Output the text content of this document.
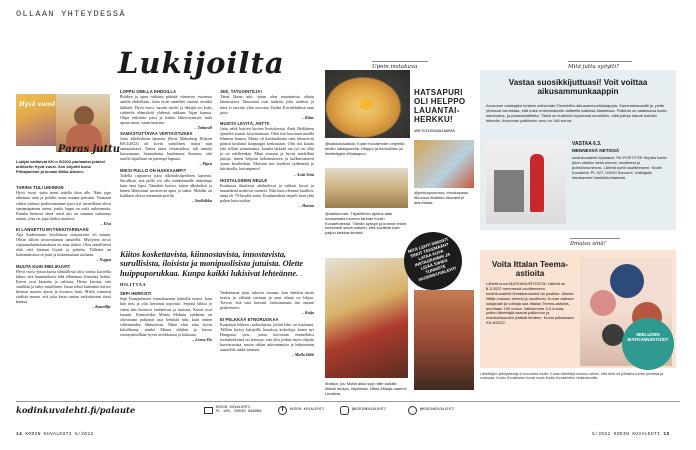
OLLAAN YHTEYDESSÄ
Lukijoilta
Hyvä vuosi
Paras juttu
Lukijat valitsivat KK:n 3/2022 parhaaksi jutuksi artikkelin Hyvä vuosi. Sen kirjoitti Anna Pihlajaniemi ja kuvasi Miika Alanen.
TARINA TULI UNIINKIN

Hyvä vuosi -juttu meni todella ihon alle. Näin jopa aihemua unta ja pohdin asiaa useana päivänä. Varmaan siihen vaikutti perhesosiaanne juuri nyt meneillään oleva samantapainen tarina, jonka loppu on vielä ratkeamatta. Kuinka hienosti tämä nuori äiti on suunnut suhtautua asiaan, joka on jopa lisäksi tuuttava.

– Elsa

EI LANGETTU MYYNKKITARINAAN

Aija Anderssonin levollisuus viaistuvotin oli minun. Olisin silloin nostovutanan tansitellä. Myöyteni nosto cnjuaanulaiskulustuksen on aina tärkeä. Olen onnellisesti elää, että hieman löytää ja puhetta. Tällaista on kokemuksista on juuri ja kokemustaan ruohaan.

– Nuppu

MUUTA KUIN MIELIKUVAT

Hyvä vuosi -jutun kuvia silmäillessä olisi voinut kuvitella lukea, että haastateltava elää ellinemaa ylimeistä hetkiä. Kuvat ovat kauniita ja valoisia. Hieno kuvaus, että sinälloin ja näky onnellinen. Jutun teksti kuitenkin kertoo hieman nuoren ajasta ja koostuu lisää. Mielii varmasti sisältää muuta, että joka kerta tuntuu vaikuttavasti tässä kanssa.

– Kuunlilje

LOPPU OMILLA EHDOILLA

Rohkea ja upea ratkaisu päättää viimeiset vuotensa omilla ehdoillaan. Jutta eivät sanelleet sairaus eivätkä läkkärit. Hyvä vuosi -tarotin täyttö, ja lähtijät voi koko suhteelta elämyksiä yhdessä rakkaan Aijan kanssa. Olipa eriloinen juttu ja kaikin lähteistymistä, mitä upeaa sinne, vaam tuuttien.

– Taitava8

SAMASTUTTAVAA VERTAISTUKEA

Juttu alkoholistin lapsesta (Kirsi Malmberg Nilsson KK3/2022) oli kovin surullinen, mutta niin samastuttava. Tarina antoi vertaistukea, tuli tunteja kuvaamaan. Samanlaisia kuulemma ihmisen, että omilla lapsillaan on parempi lapsuus.

– Pipru

MIKSI PULLO ON HAKKAAMPI?

Todella riipaiseva juttu alkoholistiperheen lapsesta. Surullista, että pullo voi olla vanhemmalle tärkeämpi kuin oma lapsi. Tämäkin kertoo, miten alkoholisti ja hänen läheisensä tarvitsevat apua ja tukea. Meidän on kaikkien oltava enemmän perillä.

– Stoibiikka

JEE, TATUOINTEJA!

Tämä Ikuna arki -jutun olen tatuoinnista oikein kiinnostava. Tatuoinnit ovat taidetta, joka taidetta, ja niitä ei tarvitse yhtä arvostaa. Kodin Kuvalehdessä oma juttu.

– Kiine

MUISTA LEVITÄ, ANTTI!

Juttu näitä koirien kuvien levityksestä, Antti Heikkinen ajattelee kaunis kirjoittamaan. Olen itse kasvanut maalla lehmien kanssa. Mutta oli kouluaikoina vain kilometrin päässä koulusta kaupungin keskustaan. Olin sitä kautta toki silloin ymmärtänyt, kuinka tärkeää tuo työ on ollut ja on edelleenkin. Minä seuraan ja hyvin mielelläni juttuja, miten helpoin kokemukseen ja kulkemukseen ajatus kesähetkiin. Muistan itse täydestä sydämestä ja kiitoksella, koiranpentu!

– Antti Sinä

NOSTALGINEN NEULE

Koukussa tikuilevat ailahtelevat ja valkeat kuvat ja muunlaisia neulovat vaatteet. Niin kuin olemme kuulleet, tämä oli 70-luvulla minä. Kouluneuleni ompeli ihan yhtä paljon kuin nytkin.

– Hanna

Kiitos koskettavista, kiinnostavista, innostavista, surullisista, iloisista ja monipuolisista jutuista. Olette huippuporukkaa. Kunpa kaikki lukisivat lehteänne. – HILITTAA
SEPI HERKISTI

Sepi Kumpulaisen voimalauseen kohtalla tuntui, kuin hän tiesi ja olisi kertonut sopivasti. Sepistä lähtisi ja sitten hän ikuisesti vanhetessa ja muistaa. Kuvat ovat kauniit. Esimerkiksi Minna Malmin sydämen on oikeastaan pohjaton asia kehittää niin, kuin omien vähenneiden lähestyessä. Minä elän aina hyvin kiitollisena, minkä Minna elääkin ja kuvaa esiintymisellään hyvin arvokkaasti ja kokoaan.

– Leena Ho

Vanhemmat jutut tukevat vastaan, kun ehtiikin niistä kertoa ja välittää vastuun ja oma elämä on lahjaa. Toivon, että sinä kasvatit vaikuttamaan itse omaan perheeseesi.

– Kaija

EI PELKKÄÄ ETNORUOKAA

Kaipaisin lehteen ruokaohjeita, joihin lehti on kuulunut. Tällöin löytyy lukijoille hauskoja kokeiluja, kuten nyt Hangossa yms., joissa kerrotaan esimerkiksi ruokaherkuista tai teemoja, että olisi joskus myös ohjeita kasvisruoista, mutta vähän arkisemmista ja helpommin saatavilla raaka-aineista.

– Malla 6666

kodinkuvalehti.fi/palaute	KODIN KUVALEHTI
PL 100, 00040 SANOMA	f	KODIN KUVALEHTI	@KODINKUVALEHTI	@KODINKUVALEHTI
14 KODIN KUVALEHTI 5/2022	5/2022 KODIN KUVALEHTI 15
Upein instakuva
HATSAPURI OLI HELPPO LAUANTAI-HERKKU!
#METHIEGRAANINAMAS
@kaikkukaaikkiu: Kodin Kuvalehden ohjeella tehtiin hatsapureita. Helppo ja herkullinen ja #keitettyjen #Hatsapuri
@pirkkapuutmuo: #ruokapassi #kuvaus #kaikkia #kuvalehti #tarvinkaa
@kaikkumari: Täydellinen ajoitus taas kuvaamalla tuoreen tarinan Kodin Kuvalehdessä. Tämän syksyn ja kotona tekee, kummasti selvä makein, että kuvitella hain paljon kaikkia ihmisiä.
#hatjun_ka: Mutta aikoi syyt niille kaikille. #kiiski #tokyo, kirjoiltaan. Mikki #Maija-mammi Lindesta
MITÄ LEHTI INNOSTI SINUT TEKEMÄÄN? LATAA KUVA INSTAGRAMIIN JA LISÄÄ SIIHEN TUNNISTE #KODINKUVALEHTI
Mitä juttu syöytti?
Vastaa suosikkijuttuasi! Voit voittaa aikusammunkaappin
Arvomme vastaajien kesken seitsemän Finnishfire-aikusammunlinkaappia. Sammutusvaaltti ja -pelte yhdessä varmistaa, että tulee ensimmäiselle laitteelle kaikissa tilanteissa. Palkinto on saatavana kodin sammutus- ja pelastuslaitteita. Tästä on kuitenkin kyseessä suosittelu, mitä juttuja haluat meidän tekevän. Arvonnan palkinnon arvo on 146 euroa.
VASTAA 6.3.
MENNESSÄ NETISSÄ
kodinkuvalehti.fi/palaute TAI POSTITSE Kirjoita kortin jutun otsikko sekä nimesi, osoitteesi ja puhelinnumerosi. Lähetä kortti osoitteeseen: Kodin Kuvalehti, PL 327, 00040 Sanoma. Voittajalle ilmoitamme henkilökohtaisesti.
Ilmaisu sinä!
Voita Ittalan Teema-astioita
Lähetä kuva MATKAMUISTOSTA! Lähetä se 8.3.2022 mennessä osoitteeseen kodinkuvalehti.fi/matkamuistot tai postitse. Muista liittää mukaan nimesi ja osoitteesi. Kuvan valitsee lukijaraati ja voittaja saa Iittalan Teema-astioita, arvoltaan 150 euroa. Valitsemme 3-5 kuvaa, joiden lähettäjät saavat palkinnon ja mahdollisuuden päästä lehteen. Kuvat julkaistaan KK:8/2022.
MIELUISIN MATKAMUISTOSI?
Lähettäjien yhteystietoja ei luovuteta muille. Kuvan lähettäjä suostuu siihen, että lehti voi julkaista kuvan printissä ja verkossa. Kodin Kuvalehden kuvat myös Kodin Kuvalehden verkkosivuilla.
